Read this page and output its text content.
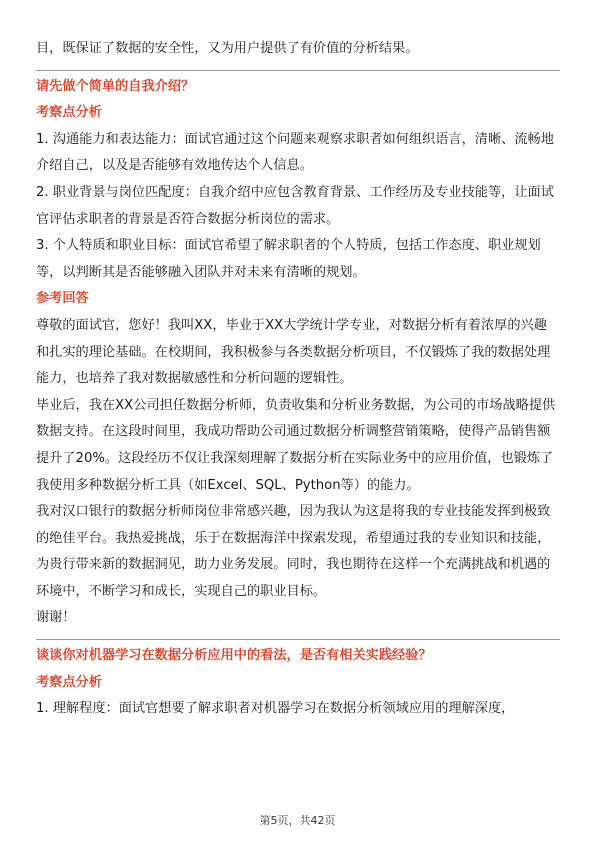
目，既保证了数据的安全性，又为用户提供了有价值的分析结果。

请先做个简单的自我介绍？

考察点分析

1. 沟通能力和表达能力：面试官通过这个问题来观察求职者如何组织语言，清晰、流畅地介绍自己，以及是否能够有效地传达个人信息。

2. 职业背景与岗位匹配度：自我介绍中应包含教育背景、工作经历及专业技能等，让面试官评估求职者的背景是否符合数据分析岗位的需求。

3. 个人特质和职业目标：面试官希望了解求职者的个人特质，包括工作态度、职业规划等，以判断其是否能够融入团队并对未来有清晰的规划。

参考回答

尊敬的面试官，您好！我叫XX，毕业于XX大学统计学专业，对数据分析有着浓厚的兴趣和扎实的理论基础。在校期间，我积极参与各类数据分析项目，不仅锻炼了我的数据处理能力，也培养了我对数据敏感性和分析问题的逻辑性。

毕业后，我在XX公司担任数据分析师，负责收集和分析业务数据，为公司的市场战略提供数据支持。在这段时间里，我成功帮助公司通过数据分析调整营销策略，使得产品销售额提升了20%。这段经历不仅让我深刻理解了数据分析在实际业务中的应用价值，也锻炼了我使用多种数据分析工具（如Excel、SQL、Python等）的能力。

我对汉口银行的数据分析师岗位非常感兴趣，因为我认为这是将我的专业技能发挥到极致的绝佳平台。我热爱挑战，乐于在数据海洋中探索发现，希望通过我的专业知识和技能，为贵行带来新的数据洞见，助力业务发展。同时，我也期待在这样一个充满挑战和机遇的环境中，不断学习和成长，实现自己的职业目标。

谢谢！

谈谈你对机器学习在数据分析应用中的看法，是否有相关实践经验？

考察点分析

1. 理解程度：面试官想要了解求职者对机器学习在数据分析领域应用的理解深度，

第5页，共42页
